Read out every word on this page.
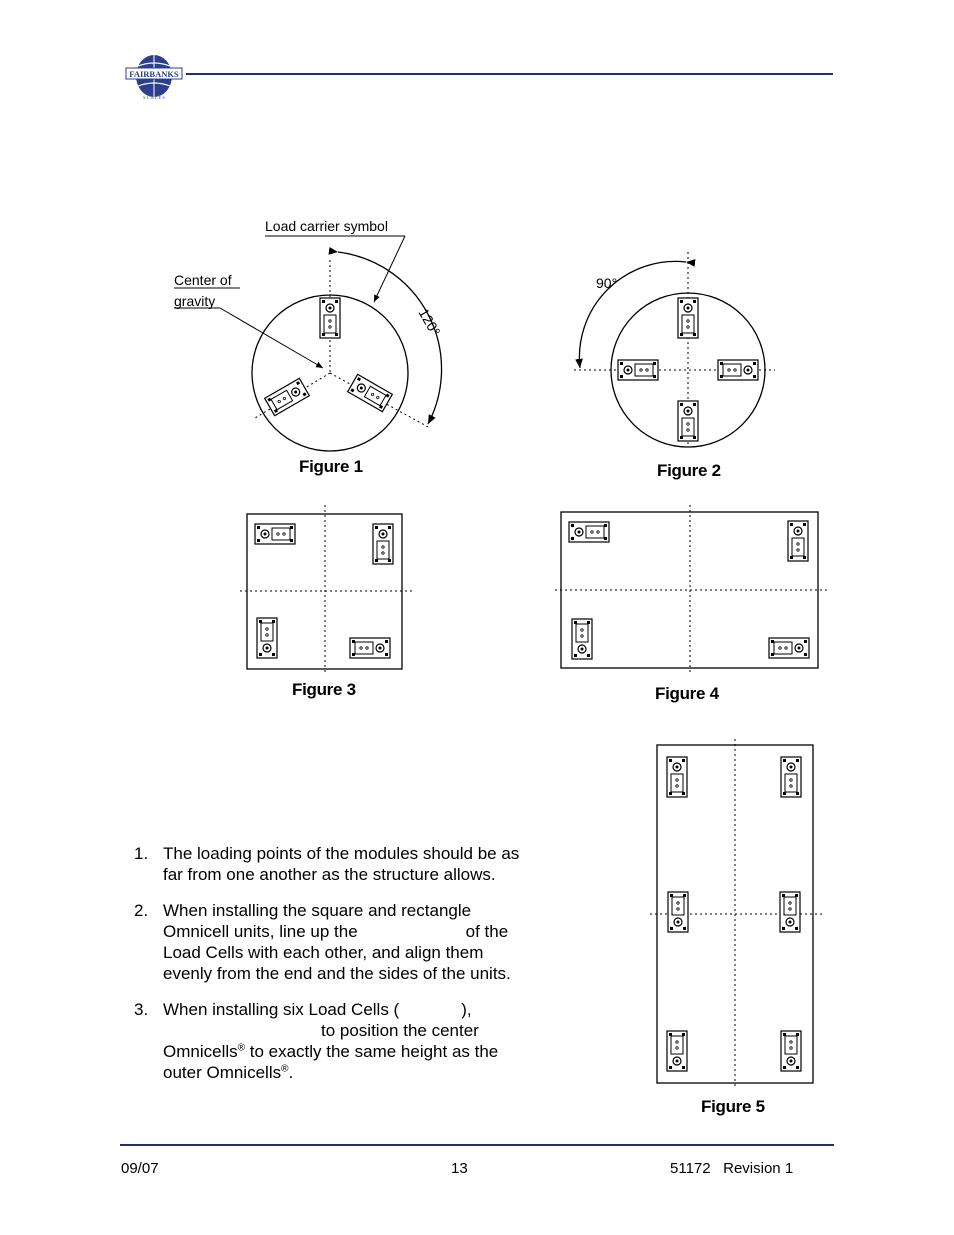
FAIRBANKS
S C A L E S
Load carrier symbol
Center of
gravity
120°
Figure 1
90°
Figure 2
Figure 3	Figure 4
Figure 5
1. The loading points of the modules should be as
far from one another as the structure allows.
2. When installing the square and rectangle
Omnicell units, line up the	of the
Load Cells with each other, and align them
evenly from the end and the sides of the units.
3. When installing six Load Cells (	),
to position the center
Omnicells® to exactly the same height as the
outer Omnicells®.
09/07	13	51172 Revision 1
